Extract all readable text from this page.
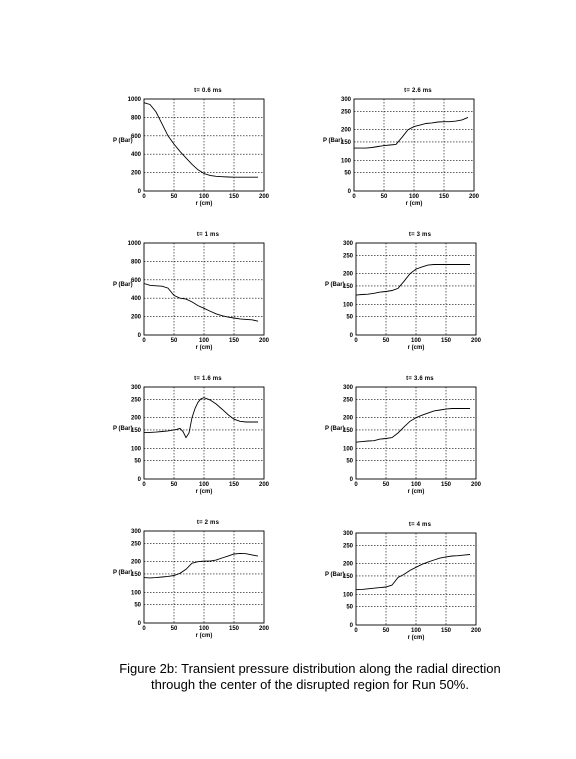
t= 0.6 ms
0	50	100	150	200
0
200
400
600
800
1000
r (cm)
P (Bar)
t= 2.6 ms
0	50	100	150	200
0
50
100
150
200
250
300
r (cm)
P (Bar)
t= 1 ms
0	50	100	150	200
0
200
400
600
800
1000
r (cm)
P (Bar)
t= 3 ms
0	50	100	150	200
0
50
100
150
200
250
300
r (cm)
P (Bar)
t= 1.6 ms
0	50	100	150	200
0
50
100
150
200
250
300
r (cm)
P (Bar)
t= 3.6 ms
0	50	100	150	200
0
50
100
150
200
250
300
r (cm)
P (Bar)
t= 2 ms
0	50	100	150	200
0
50
100
150
200
250
300
r (cm)
P (Bar)
t= 4 ms
0	50	100	150	200
0
50
100
150
200
250
300
r (cm)
P (Bar)
Figure 2b: Transient pressure distribution along the radial direction
through the center of the disrupted region for Run 50%.
